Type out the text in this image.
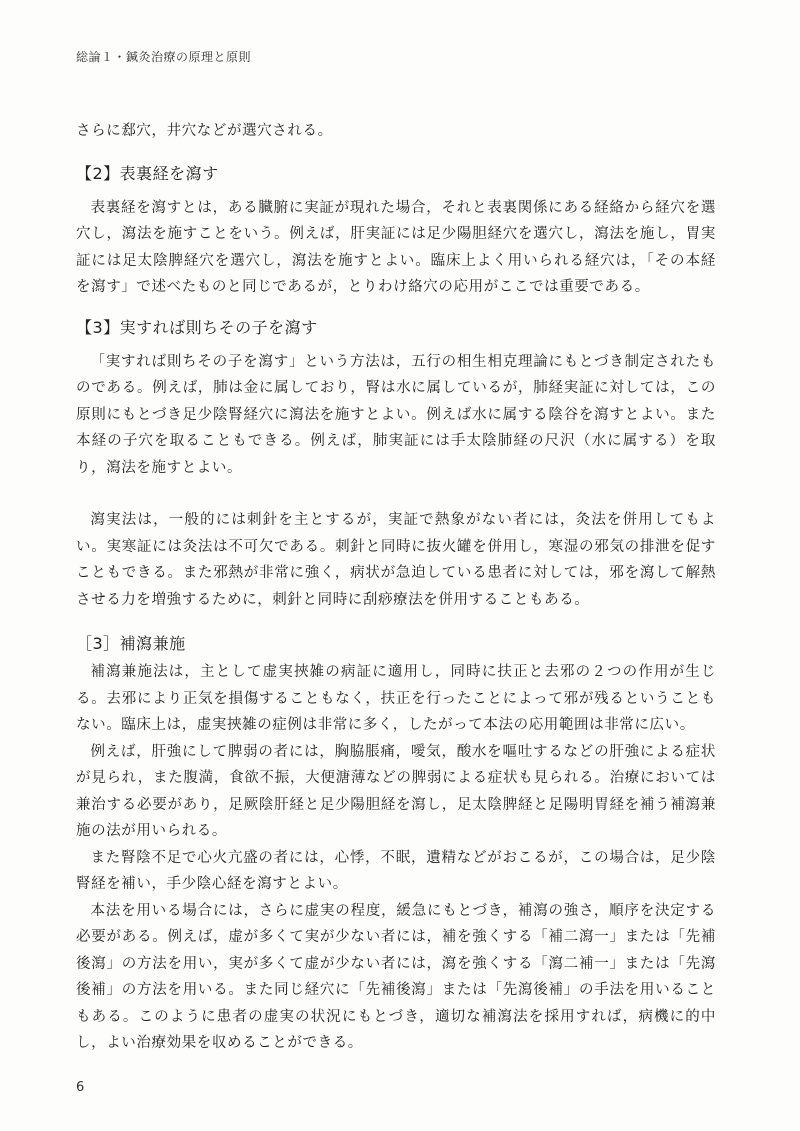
総論１・鍼灸治療の原理と原則

さらに郄穴，井穴などが選穴される。

【2】表裏経を瀉す

表裏経を瀉すとは，ある臓腑に実証が現れた場合，それと表裏関係にある経絡から経穴を選穴し，瀉法を施すことをいう。例えば，肝実証には足少陽胆経穴を選穴し，瀉法を施し，胃実証には足太陰脾経穴を選穴し，瀉法を施すとよい。臨床上よく用いられる経穴は，「その本経を瀉す」で述べたものと同じであるが，とりわけ絡穴の応用がここでは重要である。

【3】実すれば則ちその子を瀉す

「実すれば則ちその子を瀉す」という方法は，五行の相生相克理論にもとづき制定されたものである。例えば，肺は金に属しており，腎は水に属しているが，肺経実証に対しては，この原則にもとづき足少陰腎経穴に瀉法を施すとよい。例えば水に属する陰谷を瀉すとよい。また本経の子穴を取ることもできる。例えば，肺実証には手太陰肺経の尺沢（水に属する）を取り，瀉法を施すとよい。

瀉実法は，一般的には刺針を主とするが，実証で熱象がない者には，灸法を併用してもよい。実寒証には灸法は不可欠である。刺針と同時に抜火罐を併用し，寒湿の邪気の排泄を促すこともできる。また邪熱が非常に強く，病状が急迫している患者に対しては，邪を瀉して解熱させる力を増強するために，刺針と同時に刮痧療法を併用することもある。

［3］補瀉兼施

補瀉兼施法は，主として虚実挾雑の病証に適用し，同時に扶正と去邪の２つの作用が生じる。去邪により正気を損傷することもなく，扶正を行ったことによって邪が残るということもない。臨床上は，虚実挾雑の症例は非常に多く，したがって本法の応用範囲は非常に広い。

例えば，肝強にして脾弱の者には，胸脇脹痛，噯気，酸水を嘔吐するなどの肝強による症状が見られ，また腹満，食欲不振，大便溏薄などの脾弱による症状も見られる。治療においては兼治する必要があり，足厥陰肝経と足少陽胆経を瀉し，足太陰脾経と足陽明胃経を補う補瀉兼施の法が用いられる。

また腎陰不足で心火亢盛の者には，心悸，不眠，遺精などがおこるが，この場合は，足少陰腎経を補い，手少陰心経を瀉すとよい。

本法を用いる場合には，さらに虚実の程度，緩急にもとづき，補瀉の強さ，順序を決定する必要がある。例えば，虚が多くて実が少ない者には，補を強くする「補二瀉一」または「先補後瀉」の方法を用い，実が多くて虚が少ない者には，瀉を強くする「瀉二補一」または「先瀉後補」の方法を用いる。また同じ経穴に「先補後瀉」または「先瀉後補」の手法を用いることもある。このように患者の虚実の状況にもとづき，適切な補瀉法を採用すれば，病機に的中し，よい治療効果を収めることができる。

6
